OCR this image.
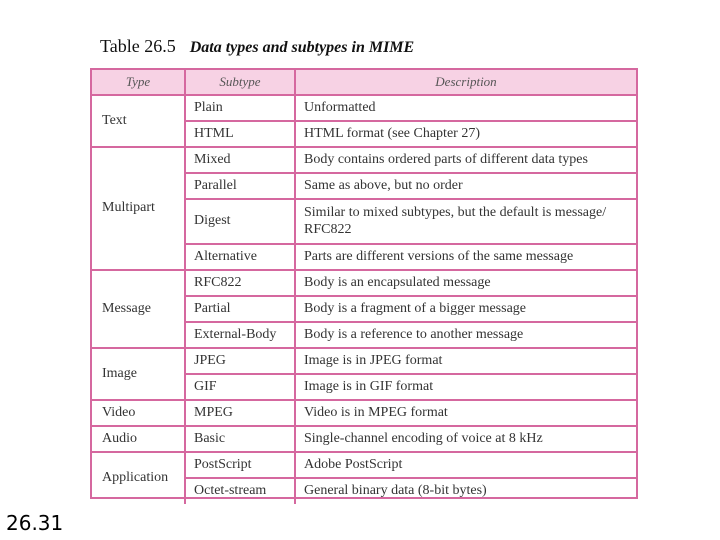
Table 26.5 Data types and subtypes in MIME
Type	Subtype	Description
Text	Plain	Unformatted
	HTML	HTML format (see Chapter 27)
Multipart	Mixed	Body contains ordered parts of different data types
	Parallel	Same as above, but no order
	Digest	Similar to mixed subtypes, but the default is message/ RFC822
	Alternative	Parts are different versions of the same message
Message	RFC822	Body is an encapsulated message
	Partial	Body is a fragment of a bigger message
	External-Body	Body is a reference to another message
Image	JPEG	Image is in JPEG format
	GIF	Image is in GIF format
Video	MPEG	Video is in MPEG format
Audio	Basic	Single-channel encoding of voice at 8 kHz
Application	PostScript	Adobe PostScript
	Octet-stream	General binary data (8-bit bytes)
26.31
